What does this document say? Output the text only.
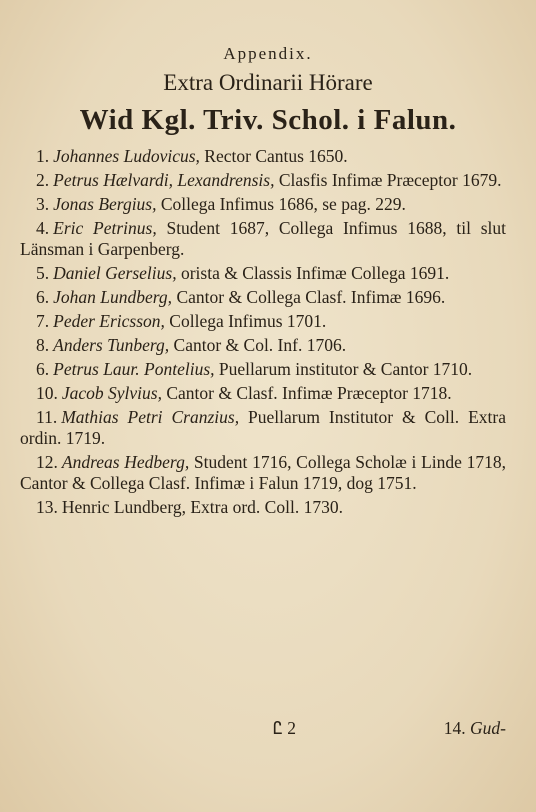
Appendix.
Extra Ordinarii Hörare
Wid Kgl. Triv. Schol. i Falun.
1. Johannes Ludovicus, Rector Cantus 1650.
2. Petrus Hælvardi, Lexandrensis, Clasfis Infimæ Præceptor 1679.
3. Jonas Bergius, Collega Infimus 1686, se pag. 229.
4. Eric Petrinus, Student 1687, Collega Infimus 1688, til slut Länsman i Garpenberg.
5. Daniel Gerselius, orista & Classis Infimæ Collega 1691.
6. Johan Lundberg, Cantor & Collega Clasf. Infimæ 1696.
7. Peder Ericsson, Collega Infimus 1701.
8. Anders Tunberg, Cantor & Col. Inf. 1706.
6. Petrus Laur. Pontelius, Puellarum institutor & Cantor 1710.
10. Jacob Sylvius, Cantor & Clasf. Infimæ Præceptor 1718.
11. Mathias Petri Cranzius, Puellarum Institutor & Coll. Extra ordin. 1719.
12. Andreas Hedberg, Student 1716, Collega Scholæ i Linde 1718, Cantor & Collega Clasf. Infimæ i Falun 1719, dog 1751.
13. Henric Lundberg, Extra ord. Coll. 1730.
Ꮭ 2	14. Gud-
